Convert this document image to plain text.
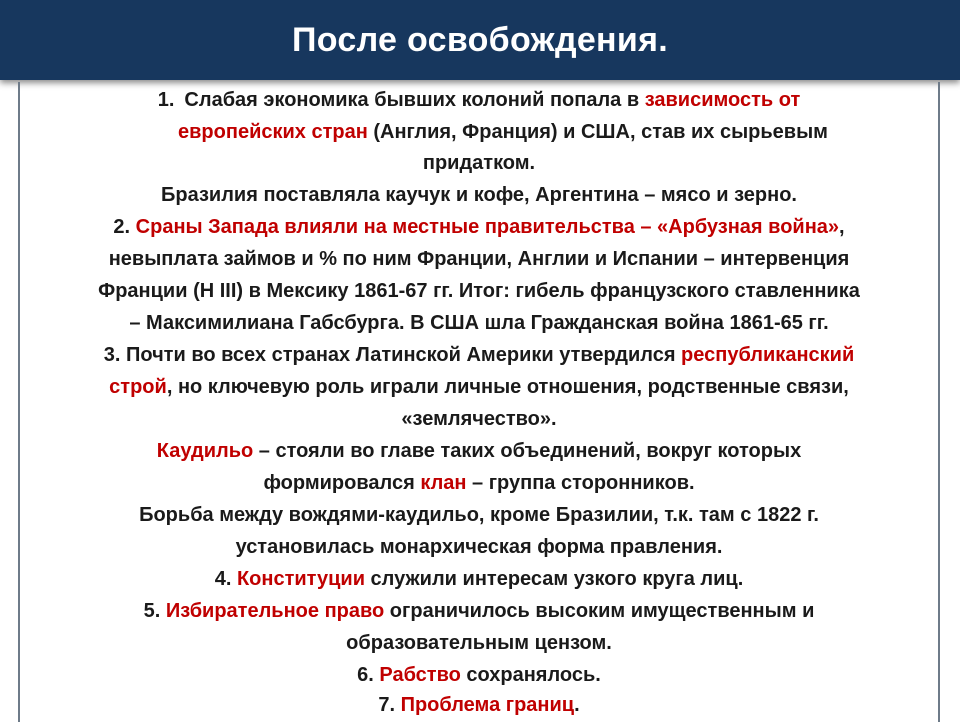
После освобождения.
1. Слабая экономика бывших колоний попала в зависимость от
европейских стран (Англия, Франция) и США, став их сырьевым
придатком.
Бразилия поставляла каучук и кофе, Аргентина – мясо и зерно.
2. Сраны Запада влияли на местные правительства – «Арбузная война»,
невыплата займов и % по ним Франции, Англии и Испании – интервенция
Франции (Н III) в Мексику 1861-67 гг. Итог: гибель французского ставленника
– Максимилиана Габсбурга. В США шла Гражданская война 1861-65 гг.
3. Почти во всех странах Латинской Америки утвердился республиканский
строй, но ключевую роль играли личные отношения, родственные связи,
«землячество».
Каудильо – стояли во главе таких объединений, вокруг которых
формировался клан – группа сторонников.
Борьба между вождями-каудильо, кроме Бразилии, т.к. там с 1822 г.
установилась монархическая форма правления.
4. Конституции служили интересам узкого круга лиц.
5. Избирательное право ограничилось высоким имущественным и
образовательным цензом.
6. Рабство сохранялось.
7. Проблема границ.
